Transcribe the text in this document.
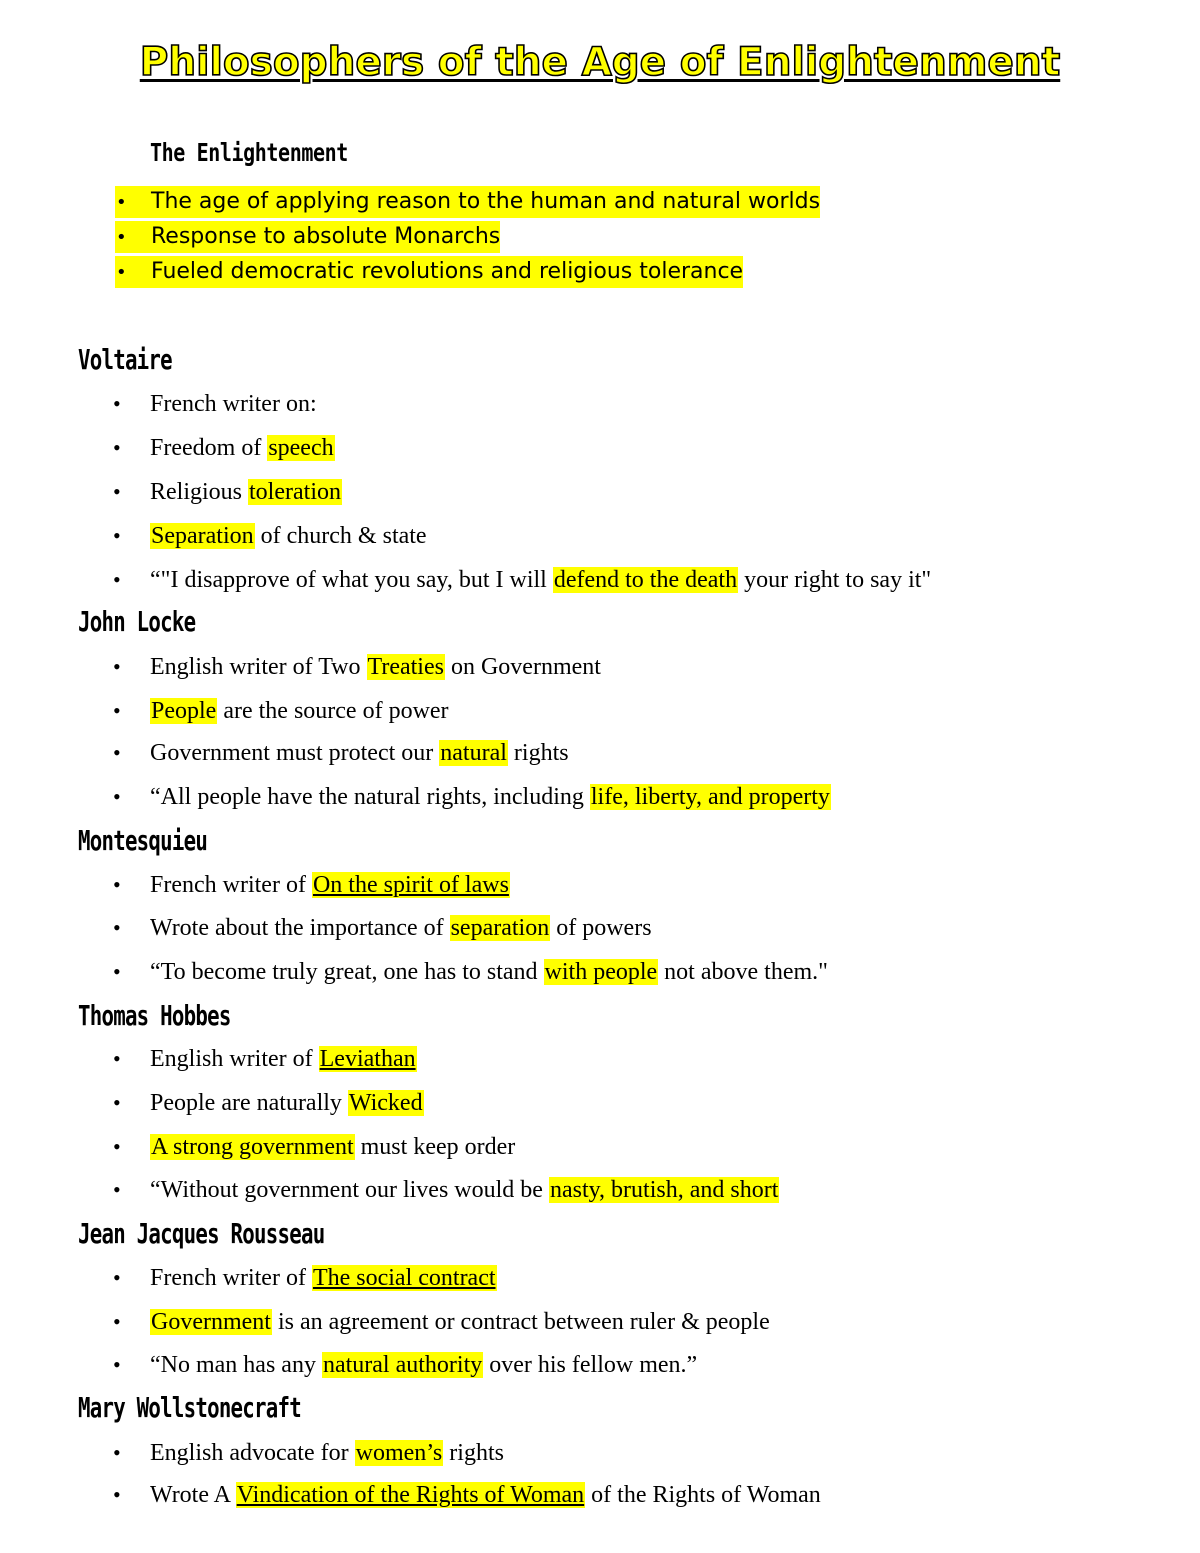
Philosophers of the Age of Enlightenment
The Enlightenment
• The age of applying reason to the human and natural worlds
• Response to absolute Monarchs
• Fueled democratic revolutions and religious tolerance
Voltaire
• French writer on:
• Freedom of speech
• Religious toleration
• Separation of church & state
• “"I disapprove of what you say, but I will defend to the death your right to say it"
John Locke
• English writer of Two Treaties on Government
• People are the source of power
• Government must protect our natural rights
• “All people have the natural rights, including life, liberty, and property
Montesquieu
• French writer of On the spirit of laws
• Wrote about the importance of separation of powers
• “To become truly great, one has to stand with people not above them."
Thomas Hobbes
• English writer of Leviathan
• People are naturally Wicked
• A strong government must keep order
• “Without government our lives would be nasty, brutish, and short
Jean Jacques Rousseau
• French writer of The social contract
• Government is an agreement or contract between ruler & people
• “No man has any natural authority over his fellow men.”
Mary Wollstonecraft
• English advocate for women’s rights
• Wrote A Vindication of the Rights of Woman of the Rights of Woman
